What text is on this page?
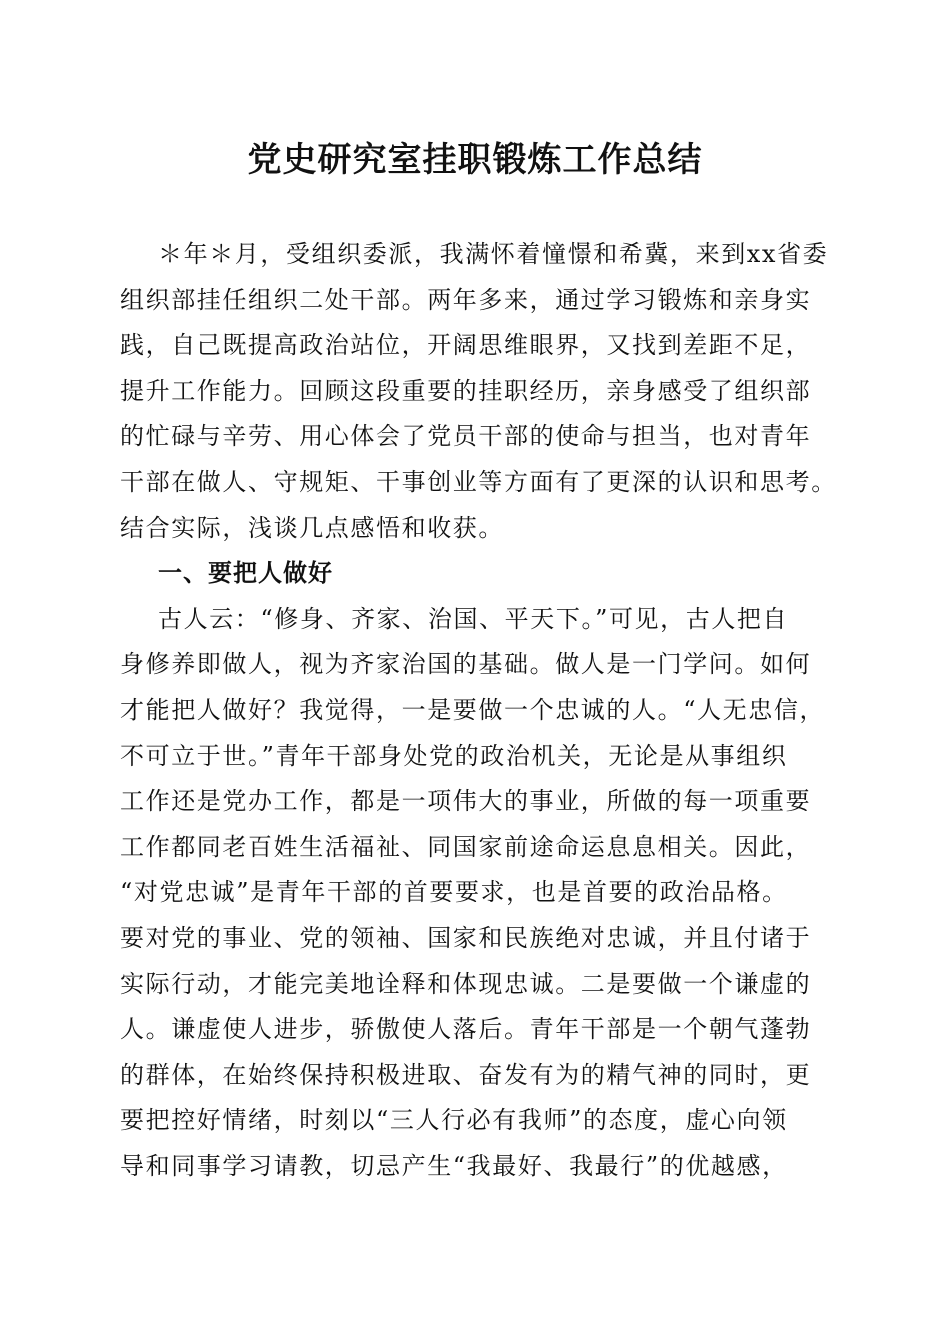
党史研究室挂职锻炼工作总结
＊年＊月，受组织委派，我满怀着憧憬和希冀，来到xx省委
组织部挂任组织二处干部。两年多来，通过学习锻炼和亲身实
践，自己既提高政治站位，开阔思维眼界，又找到差距不足，
提升工作能力。回顾这段重要的挂职经历，亲身感受了组织部
的忙碌与辛劳、用心体会了党员干部的使命与担当，也对青年
干部在做人、守规矩、干事创业等方面有了更深的认识和思考。
结合实际，浅谈几点感悟和收获。
一、要把人做好
古人云：“修身、齐家、治国、平天下。”可见，古人把自
身修养即做人，视为齐家治国的基础。做人是一门学问。如何
才能把人做好？我觉得，一是要做一个忠诚的人。“人无忠信，
不可立于世。”青年干部身处党的政治机关，无论是从事组织
工作还是党办工作，都是一项伟大的事业，所做的每一项重要
工作都同老百姓生活福祉、同国家前途命运息息相关。因此，
“对党忠诚”是青年干部的首要要求，也是首要的政治品格。
要对党的事业、党的领袖、国家和民族绝对忠诚，并且付诸于
实际行动，才能完美地诠释和体现忠诚。二是要做一个谦虚的
人。谦虚使人进步，骄傲使人落后。青年干部是一个朝气蓬勃
的群体，在始终保持积极进取、奋发有为的精气神的同时，更
要把控好情绪，时刻以“三人行必有我师”的态度，虚心向领
导和同事学习请教，切忌产生“我最好、我最行”的优越感，
